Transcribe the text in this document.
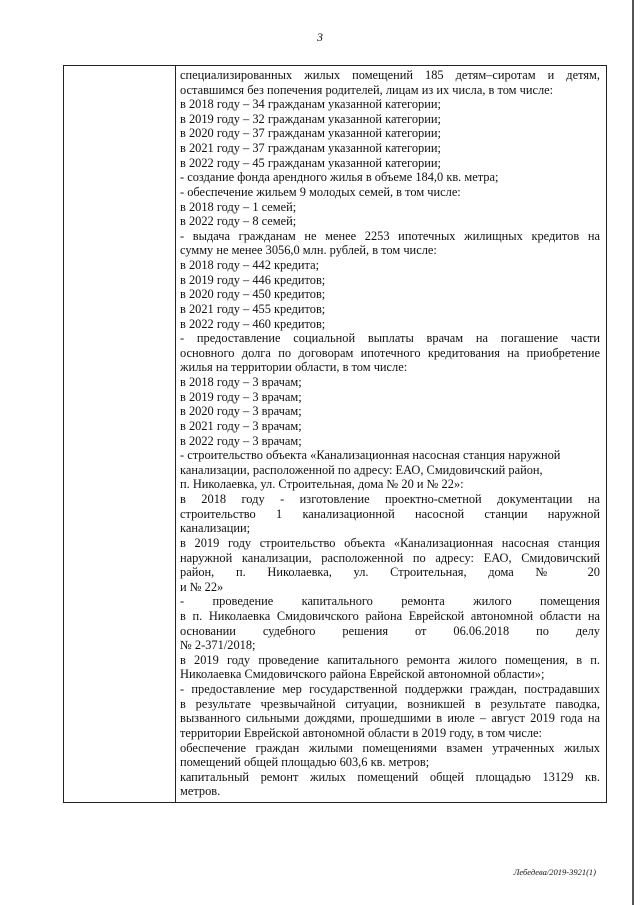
3
специализированных жилых помещений 185 детям–сиротам и детям,
оставшимся без попечения родителей, лицам из их числа, в том числе:
в 2018 году – 34 гражданам указанной категории;
в 2019 году – 32 гражданам указанной категории;
в 2020 году – 37 гражданам указанной категории;
в 2021 году – 37 гражданам указанной категории;
в 2022 году – 45 гражданам указанной категории;
- создание фонда арендного жилья в объеме 184,0 кв. метра;
- обеспечение жильем 9 молодых семей, в том числе:
в 2018 году – 1 семей;
в 2022 году – 8 семей;
- выдача гражданам не менее 2253 ипотечных жилищных кредитов на
сумму не менее 3056,0 млн. рублей, в том числе:
в 2018 году – 442 кредита;
в 2019 году – 446 кредитов;
в 2020 году – 450 кредитов;
в 2021 году – 455 кредитов;
в 2022 году – 460 кредитов;
- предоставление социальной выплаты врачам на погашение части
основного долга по договорам ипотечного кредитования на приобретение
жилья на территории области, в том числе:
в 2018 году – 3 врачам;
в 2019 году – 3 врачам;
в 2020 году – 3 врачам;
в 2021 году – 3 врачам;
в 2022 году – 3 врачам;
- строительство объекта «Канализационная насосная станция наружной
канализации, расположенной по адресу: ЕАО, Смидовичский район,
п. Николаевка, ул. Строительная, дома № 20 и № 22»:
в 2018 году - изготовление проектно-сметной документации на
строительство 1 канализационной насосной станции наружной
канализации;
в 2019 году строительство объекта «Канализационная насосная станция
наружной канализации, расположенной по адресу: ЕАО, Смидовичский
район, п. Николаевка, ул. Строительная, дома № 20
и № 22»
- проведение капитального ремонта жилого помещения
в п. Николаевка Смидовичского района Еврейской автономной области на
основании судебного решения от 06.06.2018 по делу
№ 2-371/2018;
в 2019 году проведение капитального ремонта жилого помещения, в п.
Николаевка Смидовичского района Еврейской автономной области»;
- предоставление мер государственной поддержки граждан, пострадавших
в результате чрезвычайной ситуации, возникшей в результате паводка,
вызванного сильными дождями, прошедшими в июле – август 2019 года на
территории Еврейской автономной области в 2019 году, в том числе:
обеспечение граждан жилыми помещениями взамен утраченных жилых
помещений общей площадью 603,6 кв. метров;
капитальный ремонт жилых помещений общей площадью 13129 кв.
метров.
Лебедева/2019-3921(1)
